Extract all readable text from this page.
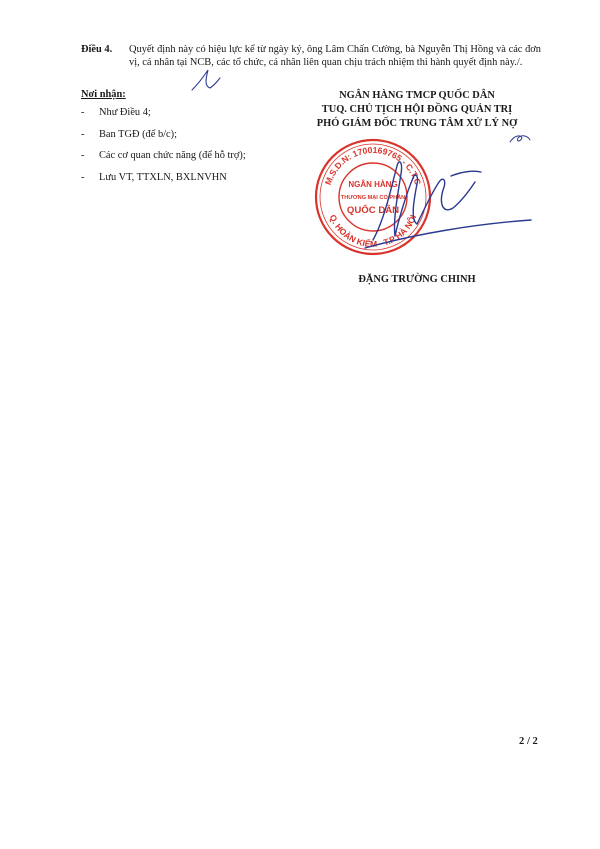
Điều 4. Quyết định này có hiệu lực kể từ ngày ký, ông Lâm Chấn Cường, bà Nguyễn Thị Hồng và các đơn vị, cá nhân tại NCB, các tổ chức, cá nhân liên quan chịu trách nhiệm thi hành quyết định này./.
Nơi nhận:
- Như Điều 4;
- Ban TGĐ (để b/c);
- Các cơ quan chức năng (để hỗ trợ);
- Lưu VT, TTXLN, BXLNVHN
NGÂN HÀNG TMCP QUỐC DÂN
TUQ. CHỦ TỊCH HỘI ĐỒNG QUẢN TRỊ
PHÓ GIÁM ĐỐC TRUNG TÂM XỬ LÝ NỢ
ĐẶNG TRƯỜNG CHINH
M.S.D.N: 1700169765 - C.T.C
Q. HOÀN KIẾM - T.P HÀ NỘI
NGÂN HÀNG
THƯƠNG MẠI CỔ PHẦN
QUỐC DÂN
2 / 2
